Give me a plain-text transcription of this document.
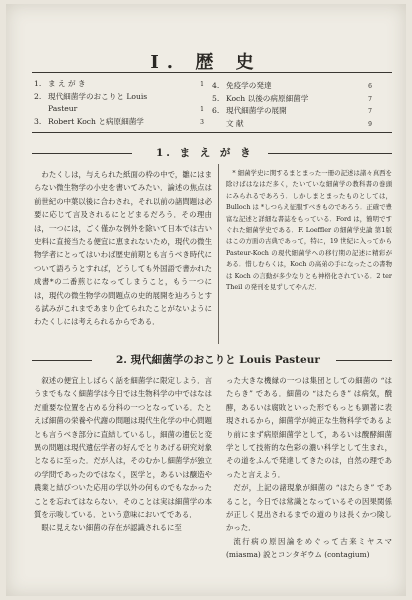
I. 歴 史
1. ま え が き	1
2. 現代細菌学のおこりと Louis
Pasteur	1
3. Robert Koch と病原細菌学	3
4. 免疫学の発達	6
5. Koch 以後の病原細菌学	7
6. 現代細菌学の展開	7
文 献	9
1. ま え が き

わたくしは，与えられた紙面の枠の中で，雛にはまらない微生物学の小史を書いてみたい．論述の焦点は前世紀の中葉以後に合わされ，それ以前の諸問題は必要に応じて言及されるにとどまるだろう．その理由は，一つには，ごく僅かな例外を除いて日本では古い史料に直接当たる便宜に恵まれないため，現代の微生物学者にとってはいわば歴史前期とも言うべき時代について語ろうとすれば，どうしても外国語で書かれた成書*の二番煎じになってしまうこと，もう一つには，現代の微生物学の問題点の史的展開を辿ろうとする試みがこれまであまり企てられたことがないようにわたくしには考えられるからである．

* 細菌学史に関するまとまった一冊の記述は諸々真西を除けばはなはだ多く，たいていな細菌学の教科書の巻頭にみられるであろう．しかしまとまったものとしては，Bulloch は *しつらえ征服すべきものであろう．正確で豊富な記述と詳細な書誌をもっている．Ford は，簡明ですぐれた細菌学史である．F. Loeffler の細菌学史論 第1版 はこの方面の古典であって，特に，19 世紀に入ってから Pasteur-Koch の現代細菌学への移行期の記述に精彩がある．惜しむらくは，Koch の高弟の手になったこの書物は Koch の言動が多少なりとも神格化されている．2 ter Theil の発刊を見ずしてやんだ．

2. 現代細菌学のおこりと Louis Pasteur

叙述の便宜上しばらく話を細菌学に限定しよう．言うまでもなく細菌学は今日では生物科学の中ではなはだ重要な位置を占める分科の一つとなっている．たとえば細菌の栄養や代謝の問題は現代生化学の中心問題とも言うべき部分に直結しているし，細菌の遺伝と変異の問題は現代遺伝学者の好んでとりあげる研究対象となるに至った．だが人は，そのむかし細菌学が独立の学問であったのではなく，医学と，あるいは醸造や農業と結びついた応用の学以外の何ものでもなかったことを忘れてはならない．そのことは実は細菌学の本質を示唆している．という意味においてである．

眼に見えない細菌の存在が認識されるに至

った大きな機縁の一つは集団としての細菌の “はたらき” である．細菌の “はたらき” は病気，醗酵，あるいは腐敗といった形でもっとも顕著に表現されるから，細菌学が純正な生物科学であるより前にまず病原細菌学として，あるいは醗酵細菌学として技術的な色彩の濃い科学として生まれ，その道をふんで発達してきたのは，自然の理であったと言えよう．

だが，上記の諸現象が細菌の “はたらき” であること，今日では常識となっているその因果関係が正しく見出されるまでの道のりは長くかつ険しかった．

流行病の原因論をめぐって古来ミヤスマ (miasma) 説とコンタギウム (contagium)
